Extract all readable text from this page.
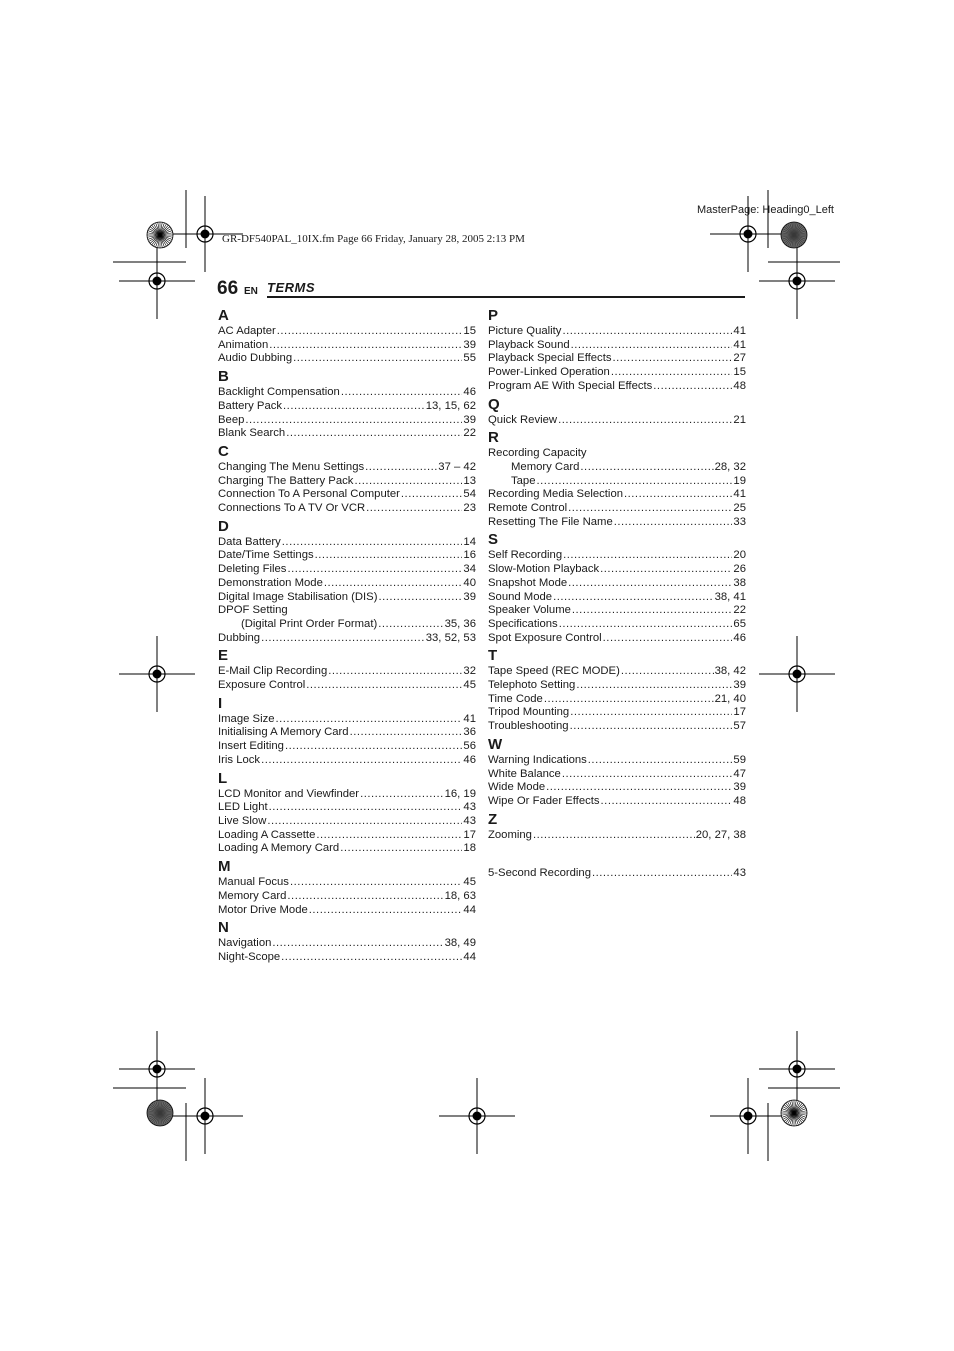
MasterPage: Heading0_Left
GR-DF540PAL_10IX.fm Page 66 Friday, January 28, 2005 2:13 PM
66 EN TERMS
A
AC Adapter .....	15
Animation .....	39
Audio Dubbing .....	55
B
Backlight Compensation .....	46
Battery Pack .....	13, 15, 62
Beep .....	39
Blank Search .....	22
C
Changing The Menu Settings .....	37 – 42
Charging The Battery Pack .....	13
Connection To A Personal Computer .....	54
Connections To A TV Or VCR .....	23
D
Data Battery .....	14
Date/Time Settings .....	16
Deleting Files .....	34
Demonstration Mode .....	40
Digital Image Stabilisation (DIS) .....	39
DPOF Setting
(Digital Print Order Format) .....	35, 36
Dubbing .....	33, 52, 53
E
E-Mail Clip Recording .....	32
Exposure Control .....	45
I
Image Size .....	41
Initialising A Memory Card .....	36
Insert Editing .....	56
Iris Lock .....	46
L
LCD Monitor and Viewfinder .....	16, 19
LED Light .....	43
Live Slow .....	43
Loading A Cassette .....	17
Loading A Memory Card .....	18
M
Manual Focus .....	45
Memory Card .....	18, 63
Motor Drive Mode .....	44
N
Navigation .....	38, 49
Night-Scope .....	44
P
Picture Quality .....	41
Playback Sound .....	41
Playback Special Effects .....	27
Power-Linked Operation .....	15
Program AE With Special Effects .....	48
Q
Quick Review .....	21
R
Recording Capacity
Memory Card .....	28, 32
Tape .....	19
Recording Media Selection .....	41
Remote Control .....	25
Resetting The File Name .....	33
S
Self Recording .....	20
Slow-Motion Playback .....	26
Snapshot Mode .....	38
Sound Mode .....	38, 41
Speaker Volume .....	22
Specifications .....	65
Spot Exposure Control .....	46
T
Tape Speed (REC MODE) .....	38, 42
Telephoto Setting .....	39
Time Code .....	21, 40
Tripod Mounting .....	17
Troubleshooting .....	57
W
Warning Indications .....	59
White Balance .....	47
Wide Mode .....	39
Wipe Or Fader Effects .....	48
Z
Zooming .....	20, 27, 38
5-Second Recording .....	43
